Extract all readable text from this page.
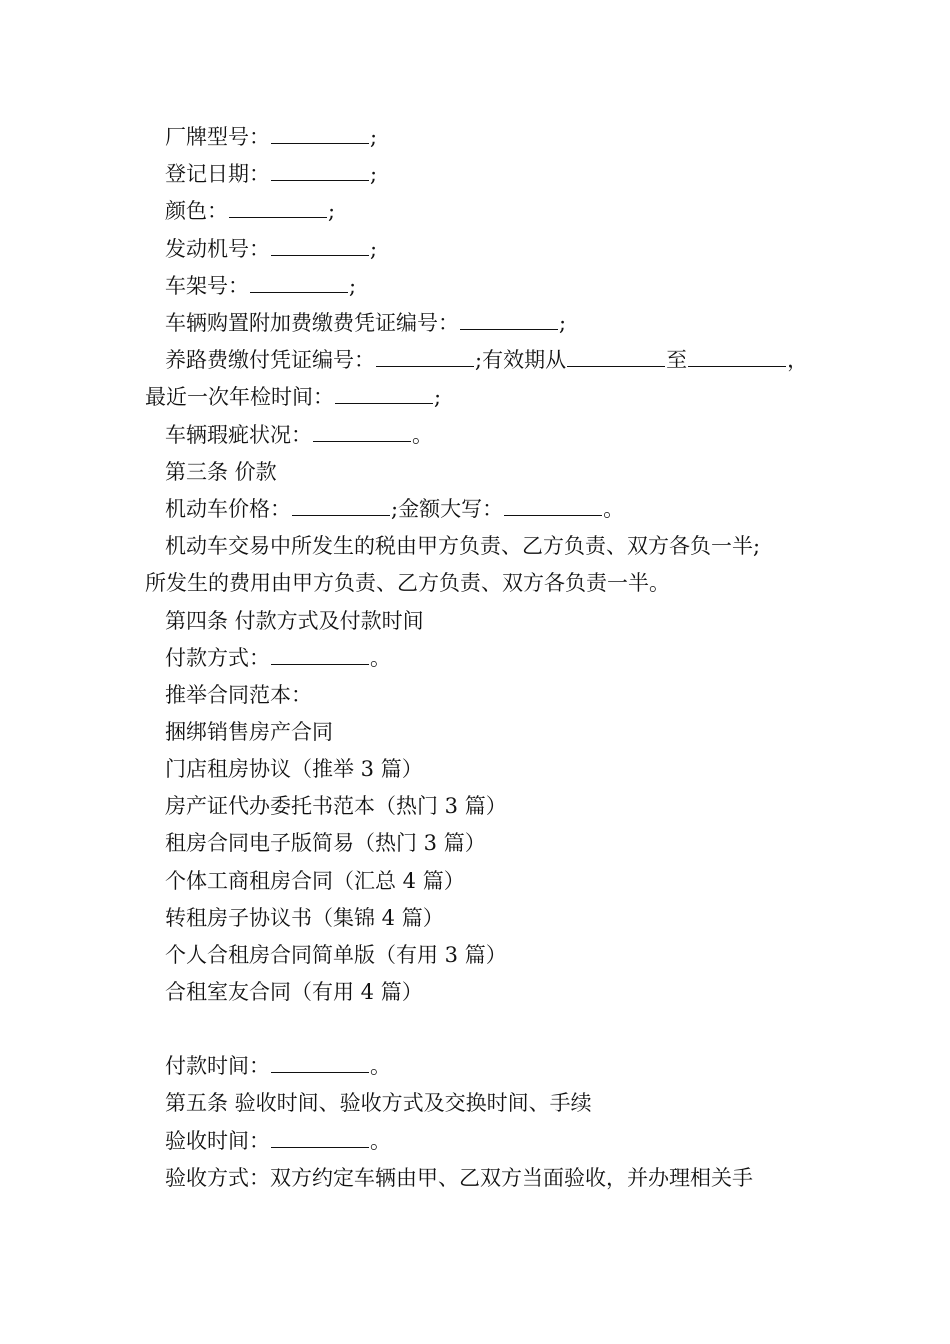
厂牌型号：	;
登记日期：	;
颜色：	;
发动机号：	;
车架号：	;
车辆购置附加费缴费凭证编号：	;
养路费缴付凭证编号：	;有效期从	至	，
最近一次年检时间：	;
车辆瑕疵状况：	。
第三条 价款
机动车价格：	;金额大写：	。
机动车交易中所发生的税由甲方负责、乙方负责、双方各负一半;
所发生的费用由甲方负责、乙方负责、双方各负责一半。
第四条 付款方式及付款时间
付款方式：	。
推举合同范本：
捆绑销售房产合同
门店租房协议（推举 3 篇）
房产证代办委托书范本（热门 3 篇）
租房合同电子版简易（热门 3 篇）
个体工商租房合同（汇总 4 篇）
转租房子协议书（集锦 4 篇）
个人合租房合同简单版（有用 3 篇）
合租室友合同（有用 4 篇）
付款时间：	。
第五条 验收时间、验收方式及交换时间、手续
验收时间：	。
验收方式：双方约定车辆由甲、乙双方当面验收，并办理相关手
